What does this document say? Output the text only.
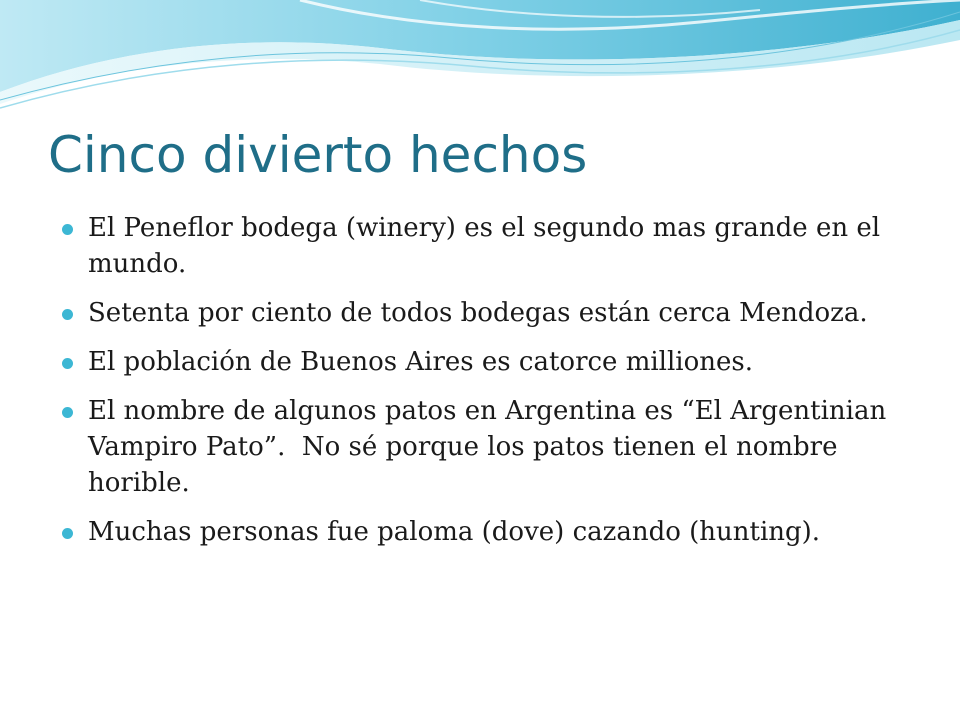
Cinco divierto hechos
El Peneflor bodega (winery) es el segundo mas grande en el mundo.
Setenta por ciento de todos bodegas están cerca Mendoza.
El población de Buenos Aires es catorce milliones.
El nombre de algunos patos en Argentina es “El Argentinian Vampiro Pato”.  No sé porque los patos tienen el nombre horible.
Muchas personas fue paloma (dove) cazando (hunting).
